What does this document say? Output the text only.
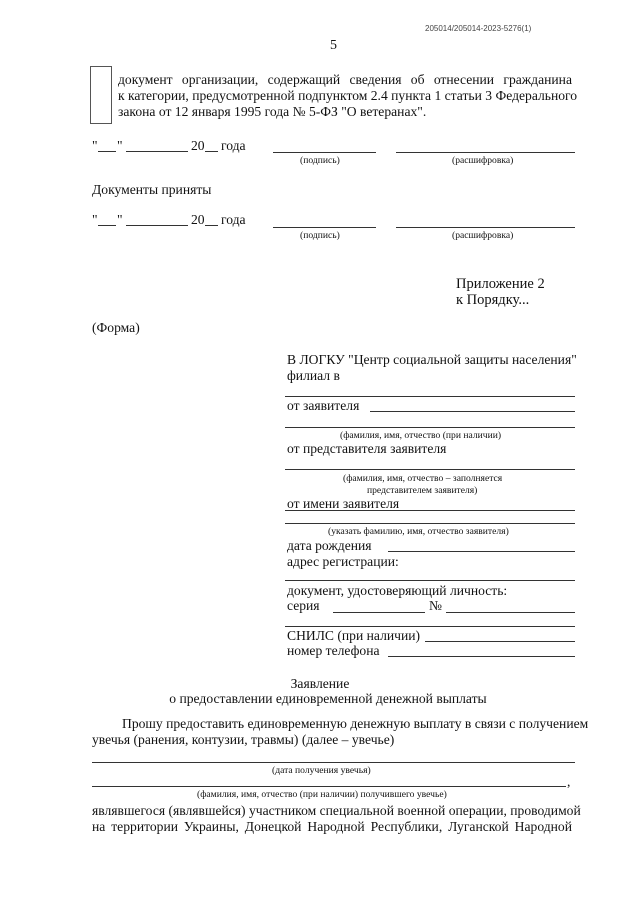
205014/205014-2023-5276(1)
5
документ организации, содержащий сведения об отнесении гражданина
к категории, предусмотренной подпунктом 2.4 пункта 1 статьи 3 Федерального
закона от 12 января 1995 года № 5-ФЗ "О ветеранах".
" "	20 года
(подпись)	(расшифровка)
Документы приняты
" "	20 года
(подпись)	(расшифровка)
Приложение 2
к Порядку...
(Форма)
В ЛОГКУ "Центр социальной защиты населения"
филиал в
от заявителя
(фамилия, имя, отчество (при наличии)
от представителя заявителя
(фамилия, имя, отчество – заполняется
представителем заявителя)
от имени заявителя
(указать фамилию, имя, отчество заявителя)
дата рождения
адрес регистрации:
документ, удостоверяющий личность:
серия	№
СНИЛС (при наличии)
номер телефона
Заявление
о предоставлении единовременной денежной выплаты
Прошу предоставить единовременную денежную выплату в связи с получением
увечья (ранения, контузии, травмы) (далее – увечье)
(дата получения увечья)
,
(фамилия, имя, отчество (при наличии) получившего увечье)
являвшегося (являвшейся) участником специальной военной операции, проводимой
на территории Украины, Донецкой Народной Республики, Луганской Народной
